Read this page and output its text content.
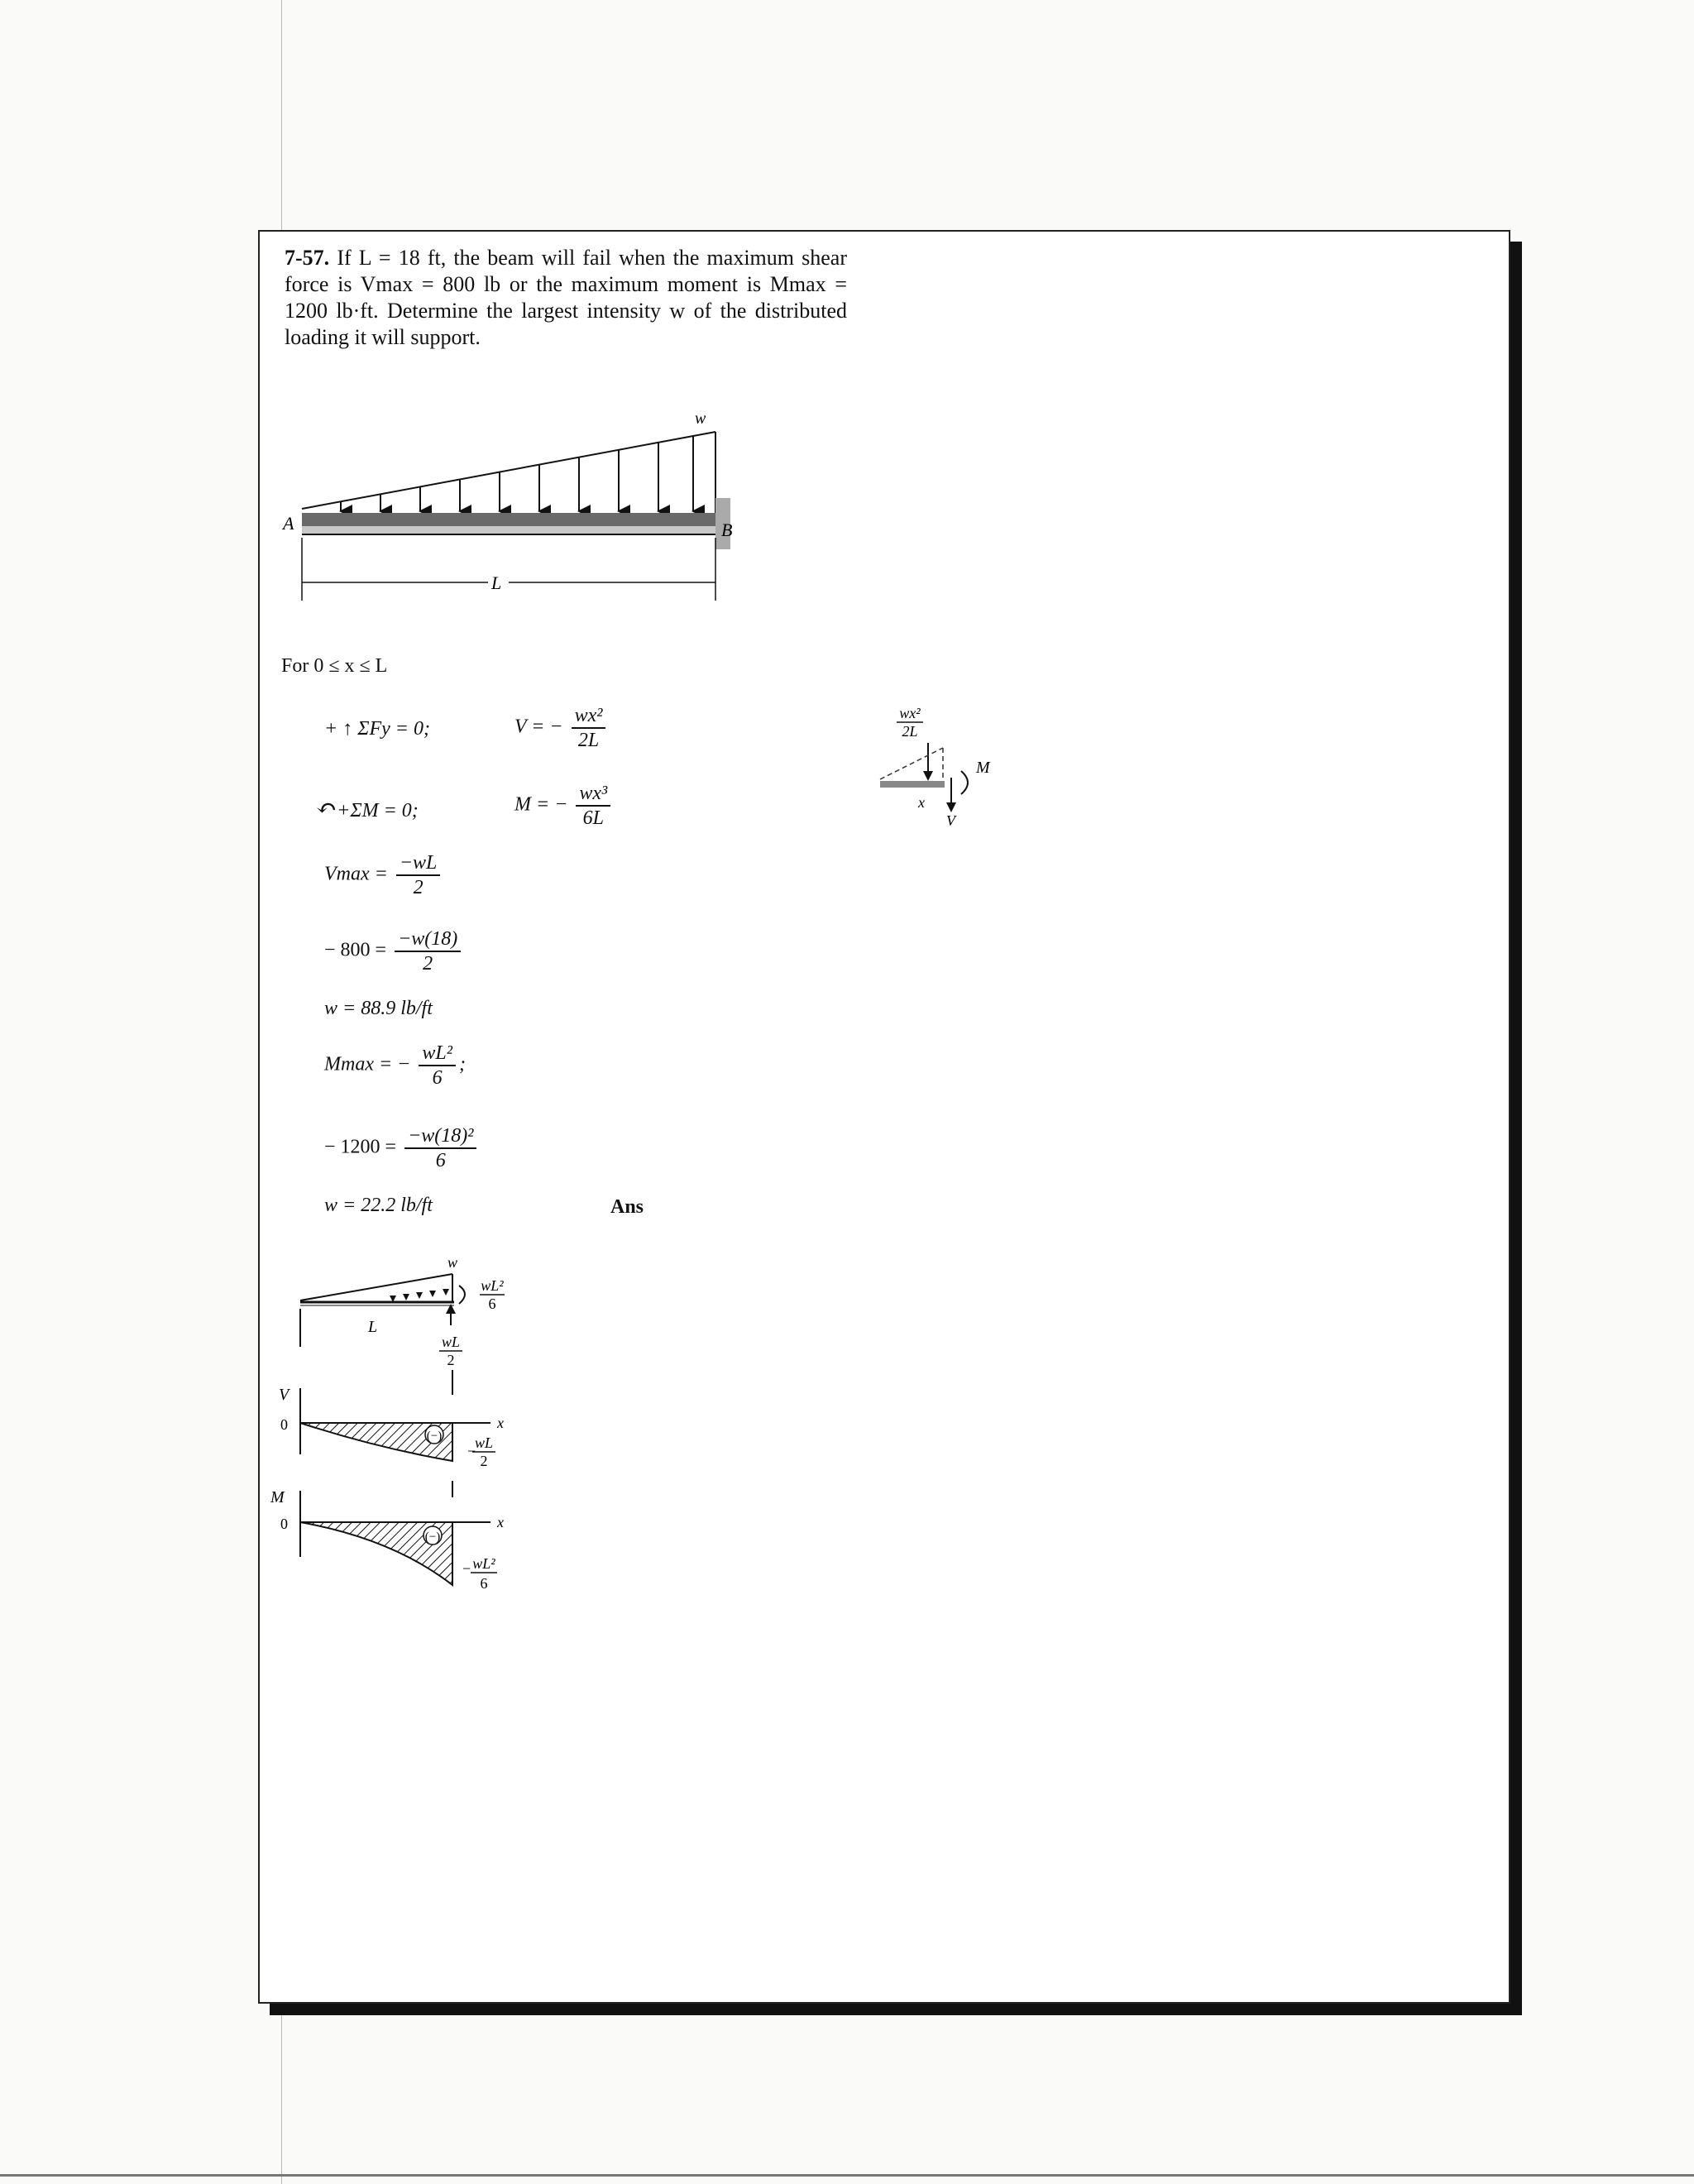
7-57. If L = 18 ft, the beam will fail when the maximum shear force is Vmax = 800 lb or the maximum moment is Mmax = 1200 lb·ft. Determine the largest intensity w of the distributed loading it will support.
w
A	B
L
For 0 ≤ x ≤ L
+ ↑ ΣFy = 0;	V = − $\frac{\text{wx²}}{2L}$
↶+ΣM = 0;	M = − $\frac{\text{wx³}}{6L}$
$Vmax = \frac{-wL}{2}$
− $800 = \frac{-w(18)}{2}$
w = 88.9 lb/ft
Mmax = − $\frac{\text{wL²}}{6}$ ;
− $1200 = \frac{\text{−w(18)²}}{6}$
w = 22.2 lb/ft	Ans
wx²
2L
M
V
x
w
wL²
6
L
wL
2
V
0
(−)
x
−
wL
2
M
0
(−)
x
− wL²
6
